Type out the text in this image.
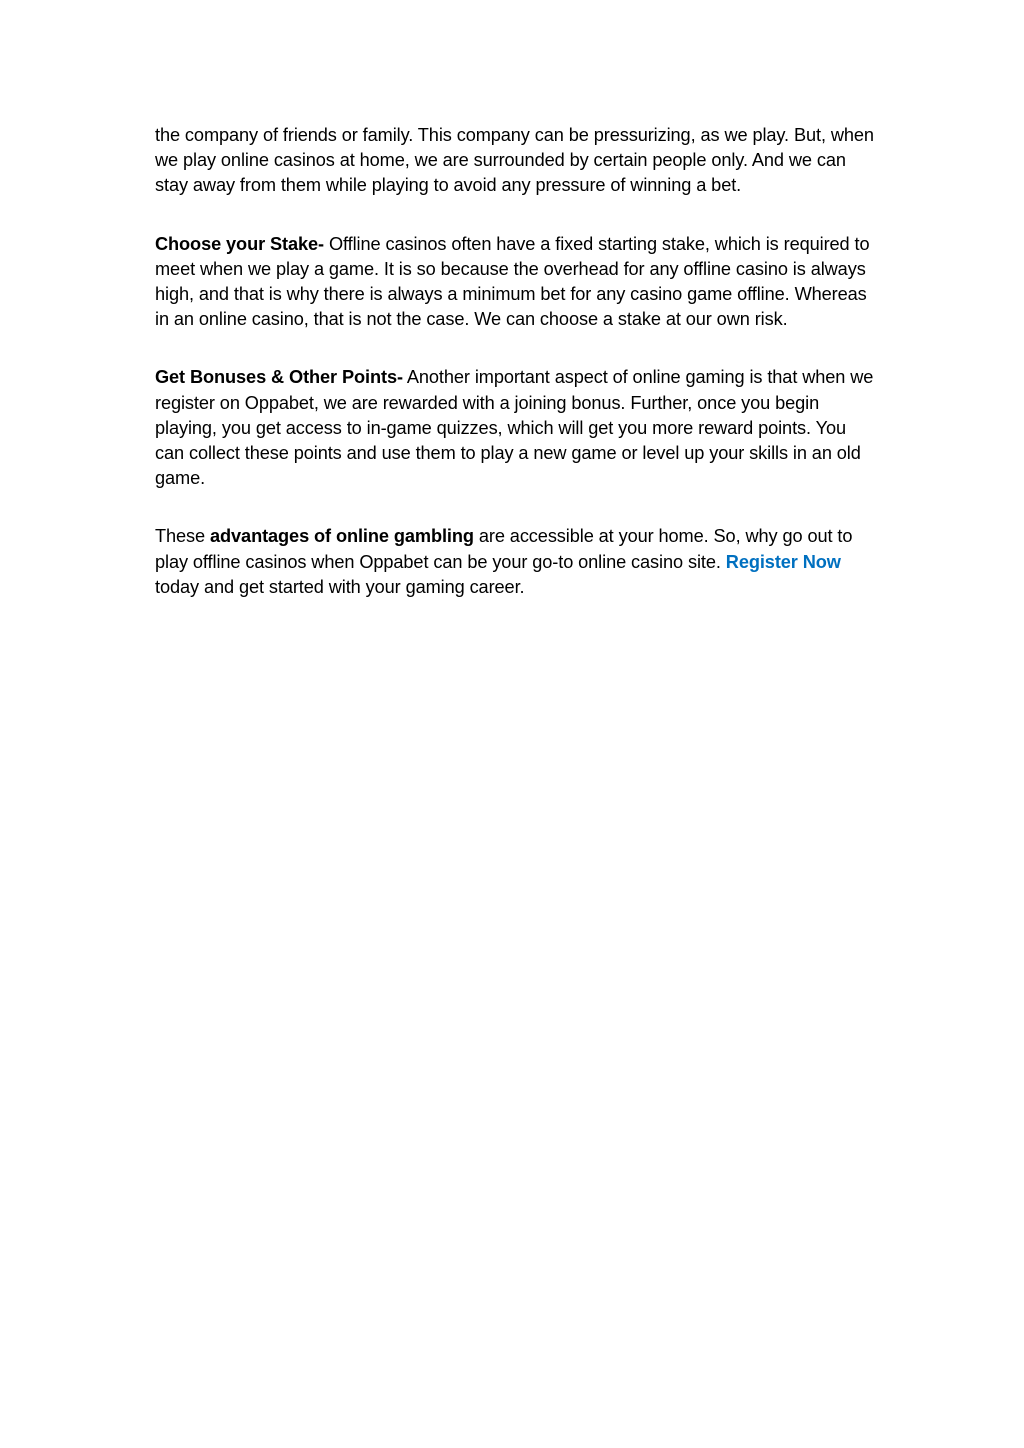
the company of friends or family. This company can be pressurizing, as we play. But, when we play online casinos at home, we are surrounded by certain people only. And we can stay away from them while playing to avoid any pressure of winning a bet.

Choose your Stake- Offline casinos often have a fixed starting stake, which is required to meet when we play a game. It is so because the overhead for any offline casino is always high, and that is why there is always a minimum bet for any casino game offline. Whereas in an online casino, that is not the case. We can choose a stake at our own risk.

Get Bonuses & Other Points- Another important aspect of online gaming is that when we register on Oppabet, we are rewarded with a joining bonus. Further, once you begin playing, you get access to in-game quizzes, which will get you more reward points. You can collect these points and use them to play a new game or level up your skills in an old game.

These advantages of online gambling are accessible at your home. So, why go out to play offline casinos when Oppabet can be your go-to online casino site. Register Now today and get started with your gaming career.
